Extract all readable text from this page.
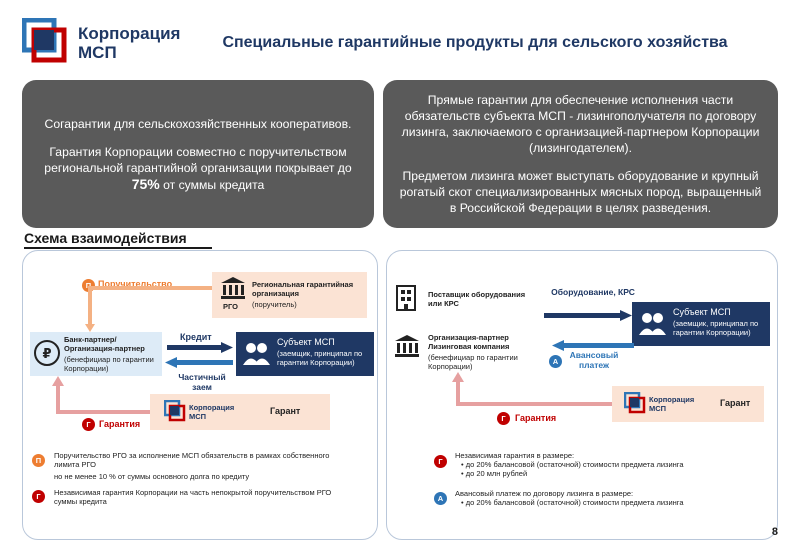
Корпорация
МСП
Специальные гарантийные продукты для сельского хозяйства

Согарантии для сельскохозяйственных кооперативов.

Гарантия Корпорации совместно с поручительством региональной гарантийной организации покрывает до 75% от суммы кредита

Прямые гарантии для обеспечение исполнения части обязательств субъекта МСП - лизингополучателя по договору лизинга, заключаемого с организацией-партнером Корпорации (лизингодателем).

Предметом лизинга может выступать оборудование и крупный рогатый скот специализированных мясных пород, выращенный в Российской Федерации в целях разведения.

Схема взаимодействия
П Поручительство
РГО
Региональная гарантийная организация
(поручитель)
₽
Банк-партнер/ Организация-партнер
(бенефициар по гарантии Корпорации)
Кредит
Частичный заем
Субъект МСП
(заемщик, принципал по гарантии Корпорации)
Корпорация
МСП
Гарант
Г Гарантия
П
Поручительство РГО за исполнение МСП обязательств в рамках собственного лимита РГО
но не менее 10 % от суммы основного долга по кредиту
Г Независимая гарантия Корпорации на часть непокрытой поручительством РГО суммы кредита
Поставщик оборудования или КРС
Оборудование, КРС
Субъект МСП
(заемщик, принципал по гарантии Корпорации)
Организация-партнер Лизинговая компания
(бенефициар по гарантии Корпорации)
А
Авансовый платеж
Корпорация
МСП
Гарант
Г	Гарантия
Г
Независимая гарантия в размере:
• до 20% балансовой (остаточной) стоимости предмета лизинга
• до 20 млн рублей
А
Авансовый платеж по договору лизинга в размере:
• до 20% балансовой (остаточной) стоимости предмета лизинга
8
